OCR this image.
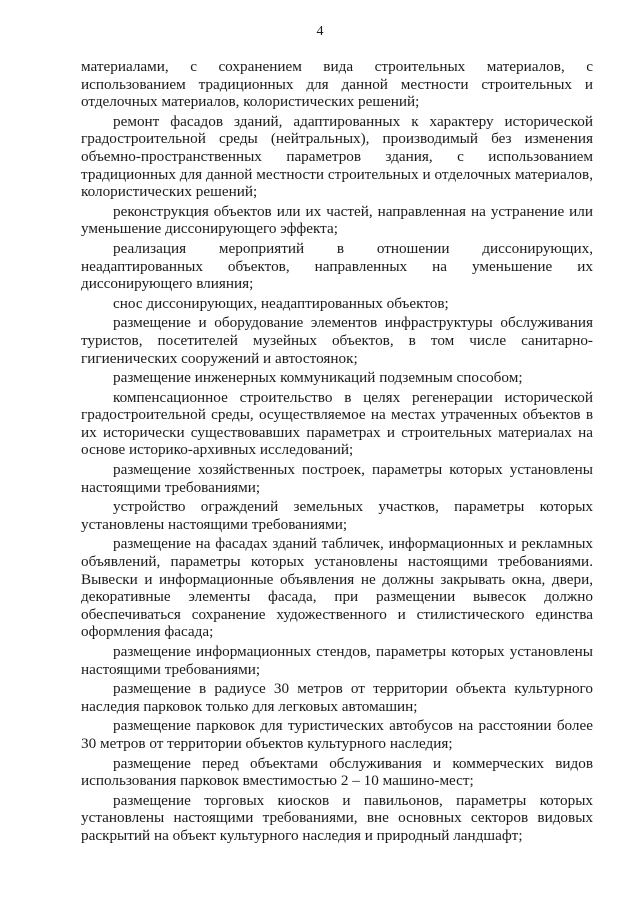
4

материалами, с сохранением вида строительных материалов, с использованием традиционных для данной местности строительных и отделочных материалов, колористических решений;

ремонт фасадов зданий, адаптированных к характеру исторической градостроительной среды (нейтральных), производимый без изменения объемно-пространственных параметров здания, с использованием традиционных для данной местности строительных и отделочных материалов, колористических решений;

реконструкция объектов или их частей, направленная на устранение или уменьшение диссонирующего эффекта;

реализация мероприятий в отношении диссонирующих, неадаптированных объектов, направленных на уменьшение их диссонирующего влияния;

снос диссонирующих, неадаптированных объектов;

размещение и оборудование элементов инфраструктуры обслуживания туристов, посетителей музейных объектов, в том числе санитарно-гигиенических сооружений и автостоянок;

размещение инженерных коммуникаций подземным способом;

компенсационное строительство в целях регенерации исторической градостроительной среды, осуществляемое на местах утраченных объектов в их исторически существовавших параметрах и строительных материалах на основе историко-архивных исследований;

размещение хозяйственных построек, параметры которых установлены настоящими требованиями;

устройство ограждений земельных участков, параметры которых установлены настоящими требованиями;

размещение на фасадах зданий табличек, информационных и рекламных объявлений, параметры которых установлены настоящими требованиями. Вывески и информационные объявления не должны закрывать окна, двери, декоративные элементы фасада, при размещении вывесок должно обеспечиваться сохранение художественного и стилистического единства оформления фасада;

размещение информационных стендов, параметры которых установлены настоящими требованиями;

размещение в радиусе 30 метров от территории объекта культурного наследия парковок только для легковых автомашин;

размещение парковок для туристических автобусов на расстоянии более 30 метров от территории объектов культурного наследия;

размещение перед объектами обслуживания и коммерческих видов использования парковок вместимостью 2 – 10 машино-мест;

размещение торговых киосков и павильонов, параметры которых установлены настоящими требованиями, вне основных секторов видовых раскрытий на объект культурного наследия и природный ландшафт;
